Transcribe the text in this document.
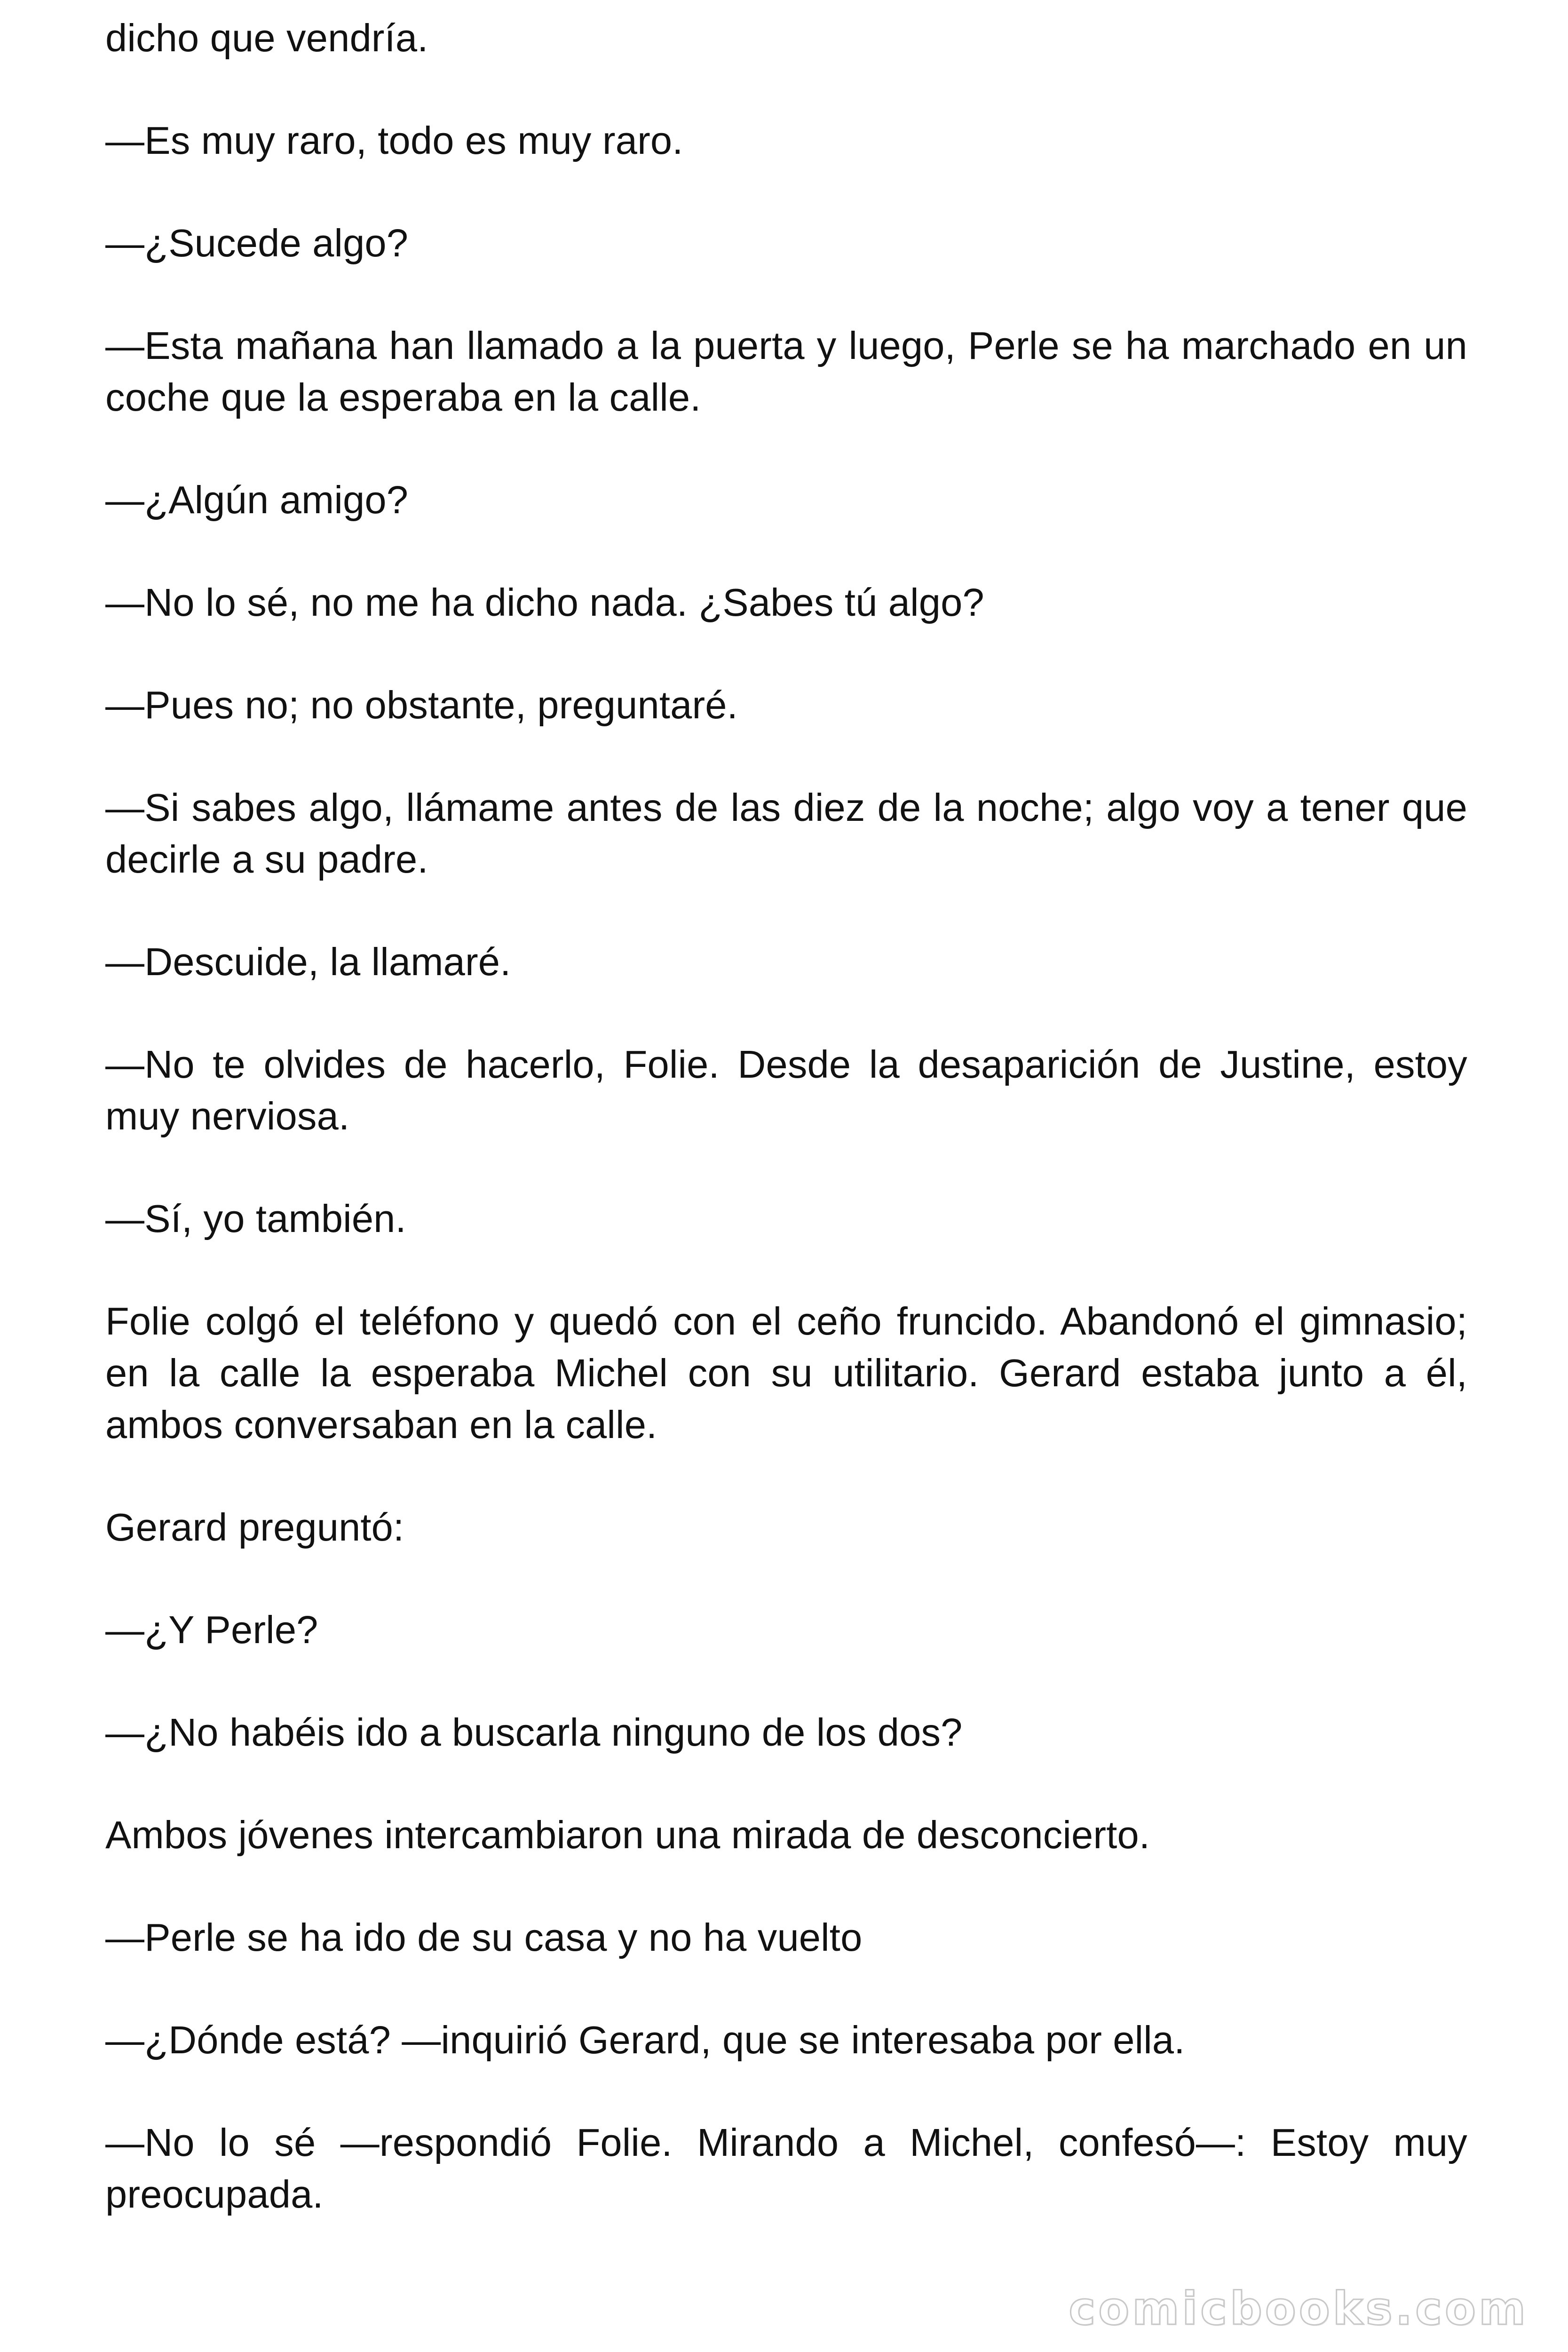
dicho que vendría.

—Es muy raro, todo es muy raro.

—¿Sucede algo?

—Esta mañana han llamado a la puerta y luego, Perle se ha marchado en un coche que la esperaba en la calle.

—¿Algún amigo?

—No lo sé, no me ha dicho nada. ¿Sabes tú algo?

—Pues no; no obstante, preguntaré.

—Si sabes algo, llámame antes de las diez de la noche; algo voy a tener que decirle a su padre.

—Descuide, la llamaré.

—No te olvides de hacerlo, Folie. Desde la desaparición de Justine, estoy muy nerviosa.

—Sí, yo también.

Folie colgó el teléfono y quedó con el ceño fruncido. Abandonó el gimnasio; en la calle la esperaba Michel con su utilitario. Gerard estaba junto a él, ambos conversaban en la calle.

Gerard preguntó:

—¿Y Perle?

—¿No habéis ido a buscarla ninguno de los dos?

Ambos jóvenes intercambiaron una mirada de desconcierto.

—Perle se ha ido de su casa y no ha vuelto

—¿Dónde está? —inquirió Gerard, que se interesaba por ella.

—No lo sé —respondió Folie. Mirando a Michel, confesó—: Estoy muy preocupada.

comicbooks.com
